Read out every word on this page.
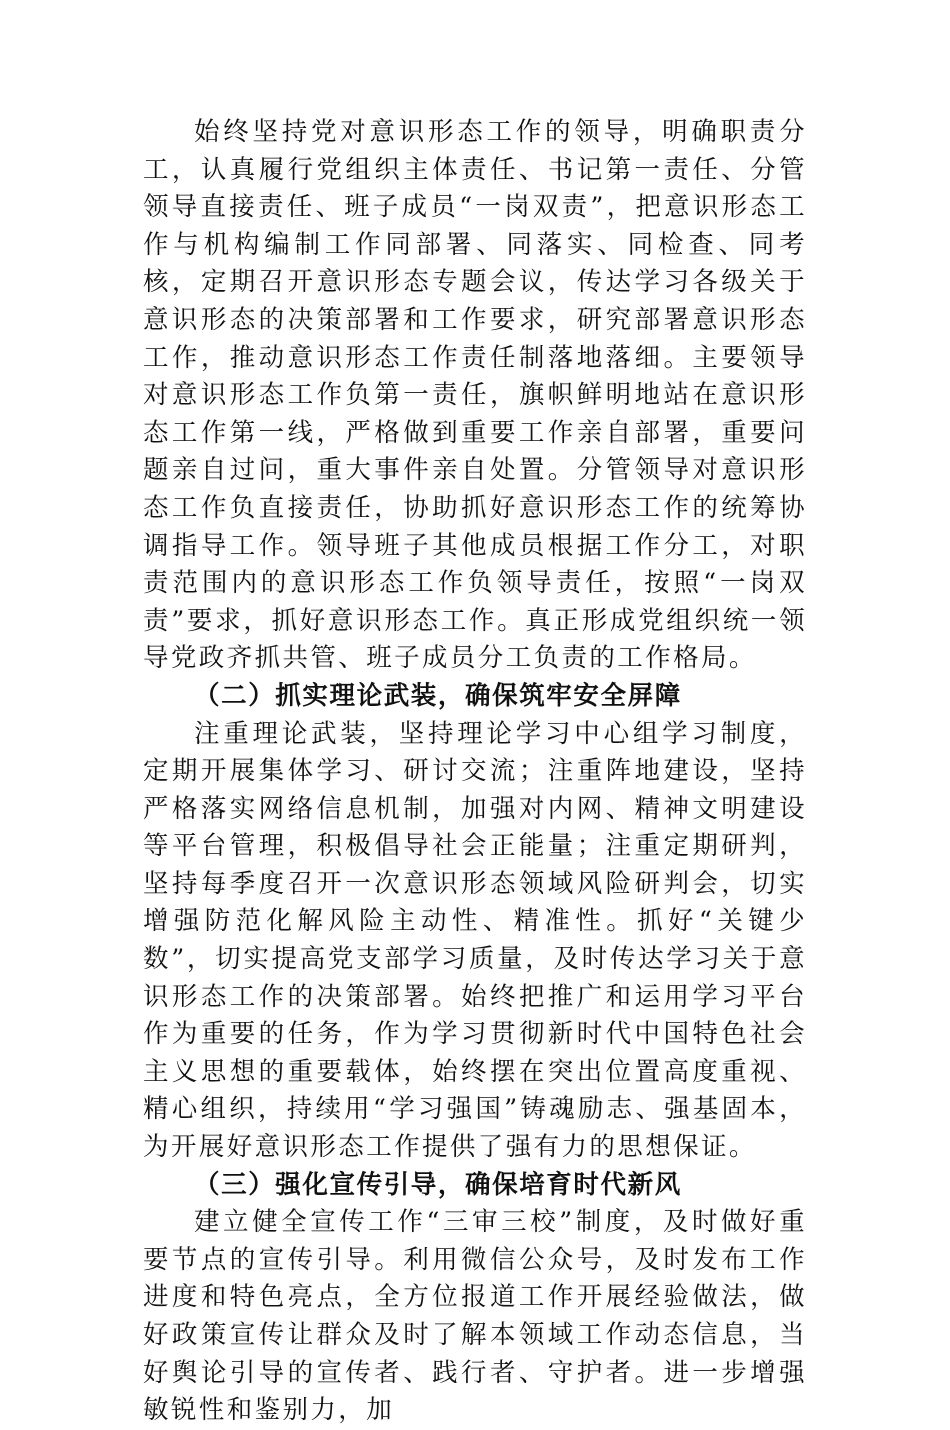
始终坚持党对意识形态工作的领导，明确职责分工，认真履行党组织主体责任、书记第一责任、分管领导直接责任、班子成员“一岗双责”，把意识形态工作与机构编制工作同部署、同落实、同检查、同考核，定期召开意识形态专题会议，传达学习各级关于意识形态的决策部署和工作要求，研究部署意识形态工作，推动意识形态工作责任制落地落细。主要领导对意识形态工作负第一责任，旗帜鲜明地站在意识形态工作第一线，严格做到重要工作亲自部署，重要问题亲自过问，重大事件亲自处置。分管领导对意识形态工作负直接责任，协助抓好意识形态工作的统筹协调指导工作。领导班子其他成员根据工作分工，对职责范围内的意识形态工作负领导责任，按照“一岗双责”要求，抓好意识形态工作。真正形成党组织统一领导党政齐抓共管、班子成员分工负责的工作格局。

（二）抓实理论武装，确保筑牢安全屏障

注重理论武装，坚持理论学习中心组学习制度，定期开展集体学习、研讨交流；注重阵地建设，坚持严格落实网络信息机制，加强对内网、精神文明建设等平台管理，积极倡导社会正能量；注重定期研判，坚持每季度召开一次意识形态领域风险研判会，切实增强防范化解风险主动性、精准性。抓好“关键少数”，切实提高党支部学习质量，及时传达学习关于意识形态工作的决策部署。始终把推广和运用学习平台作为重要的任务，作为学习贯彻新时代中国特色社会主义思想的重要载体，始终摆在突出位置高度重视、精心组织，持续用“学习强国”铸魂励志、强基固本，为开展好意识形态工作提供了强有力的思想保证。

（三）强化宣传引导，确保培育时代新风

建立健全宣传工作“三审三校”制度，及时做好重要节点的宣传引导。利用微信公众号，及时发布工作进度和特色亮点，全方位报道工作开展经验做法，做好政策宣传让群众及时了解本领域工作动态信息，当好舆论引导的宣传者、践行者、守护者。进一步增强敏锐性和鉴别力，加
